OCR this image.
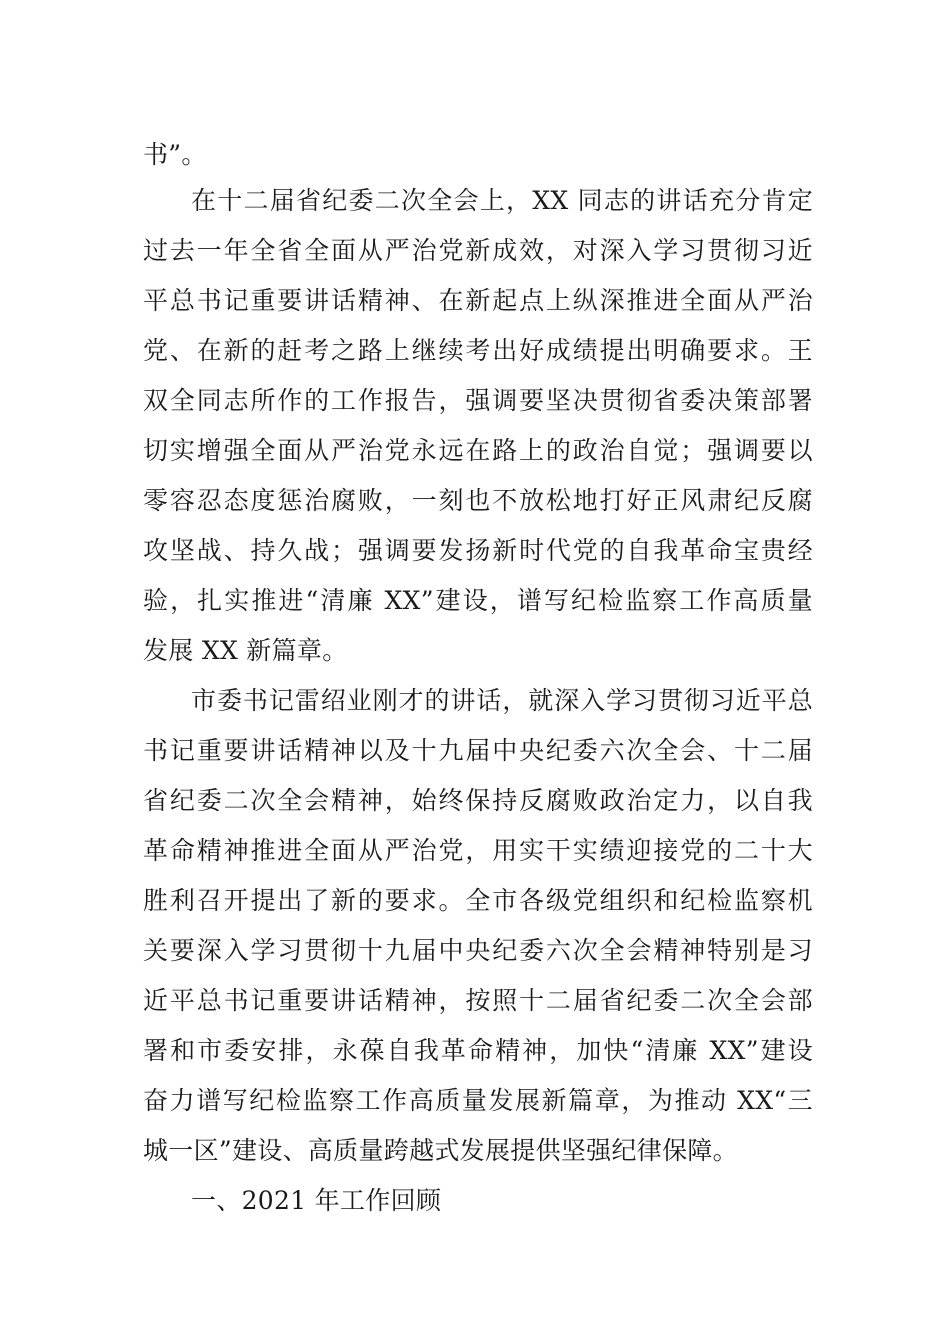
书”。
在十二届省纪委二次全会上，XX 同志的讲话充分肯定
过去一年全省全面从严治党新成效，对深入学习贯彻习近
平总书记重要讲话精神、在新起点上纵深推进全面从严治
党、在新的赶考之路上继续考出好成绩提出明确要求。王
双全同志所作的工作报告，强调要坚决贯彻省委决策部署
切实增强全面从严治党永远在路上的政治自觉；强调要以
零容忍态度惩治腐败，一刻也不放松地打好正风肃纪反腐
攻坚战、持久战；强调要发扬新时代党的自我革命宝贵经
验，扎实推进“清廉 XX”建设，谱写纪检监察工作高质量
发展 XX 新篇章。
市委书记雷绍业刚才的讲话，就深入学习贯彻习近平总
书记重要讲话精神以及十九届中央纪委六次全会、十二届
省纪委二次全会精神，始终保持反腐败政治定力，以自我
革命精神推进全面从严治党，用实干实绩迎接党的二十大
胜利召开提出了新的要求。全市各级党组织和纪检监察机
关要深入学习贯彻十九届中央纪委六次全会精神特别是习
近平总书记重要讲话精神，按照十二届省纪委二次全会部
署和市委安排，永葆自我革命精神，加快“清廉 XX”建设
奋力谱写纪检监察工作高质量发展新篇章，为推动 XX“三
城一区”建设、高质量跨越式发展提供坚强纪律保障。
一、2021 年工作回顾
